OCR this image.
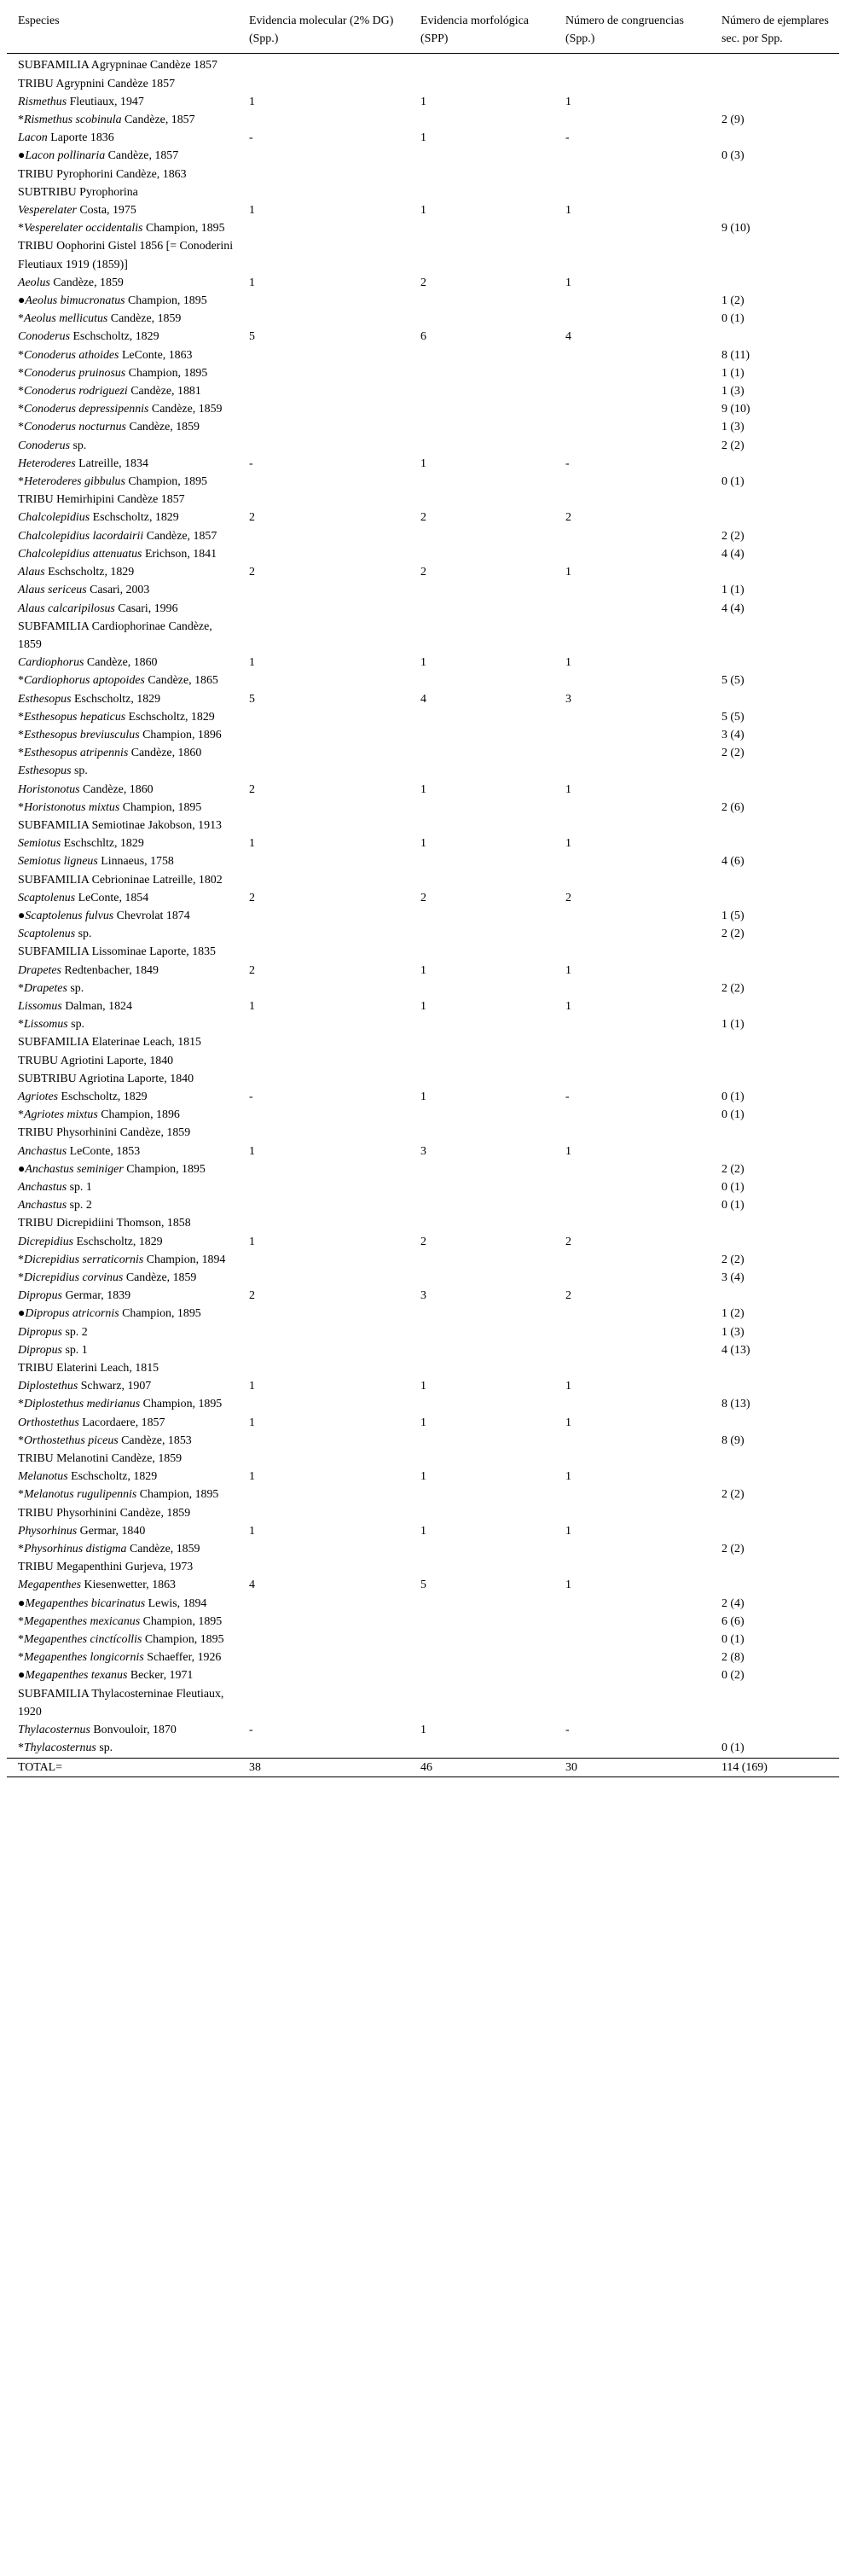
Especies	Evidencia molecular (2% DG) (Spp.)	Evidencia morfológica (SPP)	Número de congruencias (Spp.)	Número de ejemplares sec. por Spp.
SUBFAMILIA Agrypninae Candèze 1857				
TRIBU Agrypnini Candèze 1857				
Rismethus Fleutiaux, 1947	1	1	1	
*Rismethus scobinula Candèze, 1857				2 (9)
Lacon Laporte 1836	-	1	-	
●Lacon pollinaria Candèze, 1857				0 (3)
TRIBU Pyrophorini Candèze, 1863				
SUBTRIBU Pyrophorina				
Vesperelater Costa, 1975	1	1	1	
*Vesperelater occidentalis Champion, 1895				9 (10)
TRIBU Oophorini Gistel 1856 [= Conoderini Fleutiaux 1919 (1859)]				
Aeolus Candèze, 1859	1	2	1	
●Aeolus bimucronatus Champion, 1895				1 (2)
*Aeolus mellicutus Candèze, 1859				0 (1)
Conoderus Eschscholtz, 1829	5	6	4	
*Conoderus athoides LeConte, 1863				8 (11)
*Conoderus pruinosus Champion, 1895				1 (1)
*Conoderus rodriguezi Candèze, 1881				1 (3)
*Conoderus depressipennis Candèze, 1859				9 (10)
*Conoderus nocturnus Candèze, 1859				1 (3)
Conoderus sp.				2 (2)
Heteroderes Latreille, 1834	-	1	-	
*Heteroderes gibbulus Champion, 1895				0 (1)
TRIBU Hemirhipini Candèze 1857				
Chalcolepidius Eschscholtz, 1829	2	2	2	
Chalcolepidius lacordairii Candèze, 1857				2 (2)
Chalcolepidius attenuatus Erichson, 1841				4 (4)
Alaus Eschscholtz, 1829	2	2	1	
Alaus sericeus Casari, 2003				1 (1)
Alaus calcaripilosus Casari, 1996				4 (4)
SUBFAMILIA Cardiophorinae Candèze, 1859				
Cardiophorus Candèze, 1860	1	1	1	
*Cardiophorus aptopoides Candèze, 1865				5 (5)
Esthesopus Eschscholtz, 1829	5	4	3	
*Esthesopus hepaticus Eschscholtz, 1829				5 (5)
*Esthesopus breviusculus Champion, 1896				3 (4)
*Esthesopus atripennis Candèze, 1860				2 (2)
Esthesopus sp.				
Horistonotus Candèze, 1860	2	1	1	
*Horistonotus mixtus Champion, 1895				2 (6)
SUBFAMILIA Semiotinae Jakobson, 1913				
Semiotus Eschschltz, 1829	1	1	1	
Semiotus ligneus Linnaeus, 1758				4 (6)
SUBFAMILIA Cebrioninae Latreille, 1802				
Scaptolenus LeConte, 1854	2	2	2	
●Scaptolenus fulvus Chevrolat 1874				1 (5)
Scaptolenus sp.				2 (2)
SUBFAMILIA Lissominae Laporte, 1835				
Drapetes Redtenbacher, 1849	2	1	1	
*Drapetes sp.				2 (2)
Lissomus Dalman, 1824	1	1	1	
*Lissomus sp.				1 (1)
SUBFAMILIA Elaterinae Leach, 1815				
TRUBU Agriotini Laporte, 1840				
SUBTRIBU Agriotina Laporte, 1840				
Agriotes Eschscholtz, 1829	-	1	-	0 (1)
*Agriotes mixtus Champion, 1896				0 (1)
TRIBU Physorhinini Candèze, 1859				
Anchastus LeConte, 1853	1	3	1	
●Anchastus seminiger Champion, 1895				2 (2)
Anchastus sp. 1				0 (1)
Anchastus sp. 2				0 (1)
TRIBU Dicrepidiini Thomson, 1858				
Dicrepidius Eschscholtz, 1829	1	2	2	
*Dicrepidius serraticornis Champion, 1894				2 (2)
*Dicrepidius corvinus Candèze, 1859				3 (4)
Dipropus Germar, 1839	2	3	2	
●Dipropus atricornis Champion, 1895				1 (2)
Dipropus sp. 2				1 (3)
Dipropus sp. 1				4 (13)
TRIBU Elaterini Leach, 1815				
Diplostethus Schwarz, 1907	1	1	1	
*Diplostethus medirianus Champion, 1895				8 (13)
Orthostethus Lacordaere, 1857	1	1	1	
*Orthostethus piceus Candèze, 1853				8 (9)
TRIBU Melanotini Candèze, 1859				
Melanotus Eschscholtz, 1829	1	1	1	
*Melanotus rugulipennis Champion, 1895				2 (2)
TRIBU Physorhinini Candèze, 1859				
Physorhinus Germar, 1840	1	1	1	
*Physorhinus distigma Candèze, 1859				2 (2)
TRIBU Megapenthini Gurjeva, 1973				
Megapenthes Kiesenwetter, 1863	4	5	1	
●Megapenthes bicarinatus Lewis, 1894				2 (4)
*Megapenthes mexicanus Champion, 1895				6 (6)
*Megapenthes cinctícollis Champion, 1895				0 (1)
*Megapenthes longicornis Schaeffer, 1926				2 (8)
●Megapenthes texanus Becker, 1971				0 (2)
SUBFAMILIA Thylacosterninae Fleutiaux, 1920				
Thylacosternus Bonvouloir, 1870	-	1	-	
*Thylacosternus sp.				0 (1)
TOTAL=	38	46	30	114 (169)
